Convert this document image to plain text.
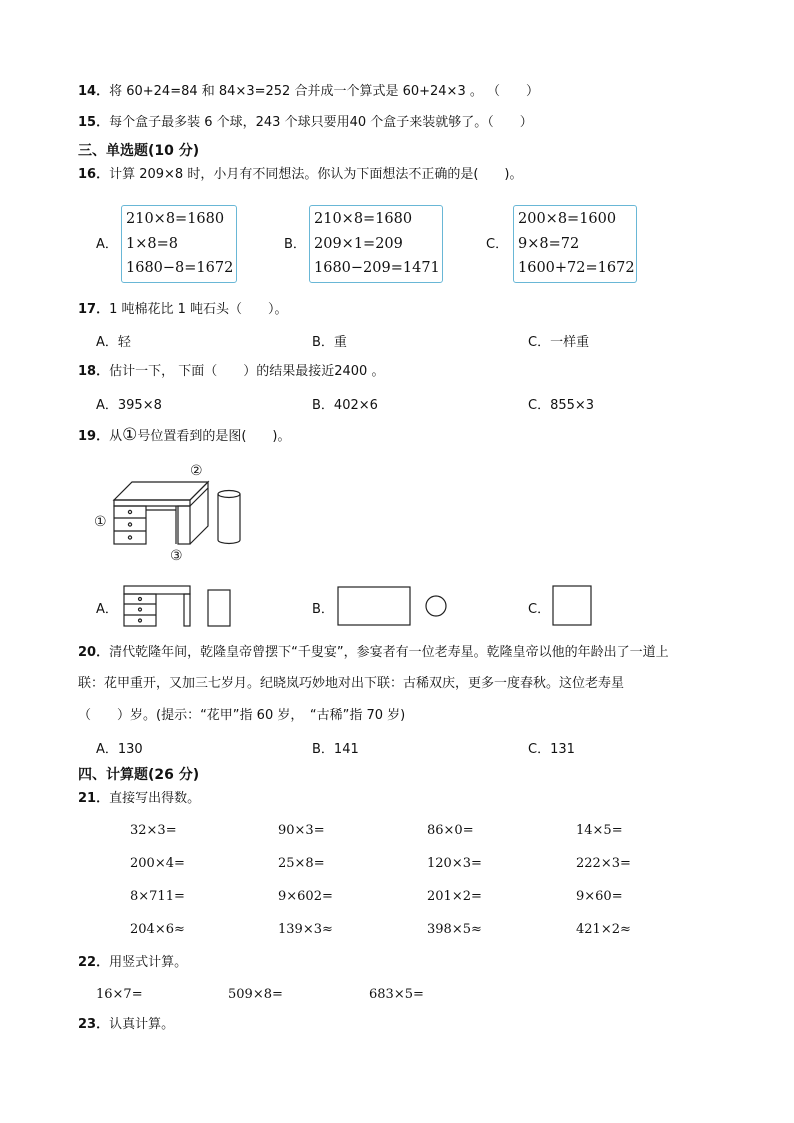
14．将 60+24=84 和 84×3=252 合并成一个算式是 60+24×3 。 （　　）
15．每个盒子最多装 6 个球，243 个球只要用40 个盒子来装就够了。（　　）
三、单选题(10 分)
16．计算 209×8 时，小月有不同想法。你认为下面想法不正确的是(　　)。
A．
210×8=1680
1×8=8
1680−8=1672
B．
210×8=1680
209×1=209
1680−209=1471
C．
200×8=1600
9×8=72
1600+72=1672
17．1 吨棉花比 1 吨石头（　　）。
A．轻	B．重	C．一样重
18．估计一下， 下面（　　）的结果最接近2400 。
A．395×8	B．402×6	C．855×3
19．从①号位置看到的是图(　　)。
①
②
③
A．	B．	C．
20．清代乾隆年间，乾隆皇帝曾摆下“千叟宴”，参宴者有一位老寿星。乾隆皇帝以他的年龄出了一道上
联：花甲重开，又加三七岁月。纪晓岚巧妙地对出下联：古稀双庆，更多一度春秋。这位老寿星
（　　）岁。(提示：“花甲”指 60 岁，　“古稀”指 70 岁)
A．130	B．141	C．131
四、计算题(26 分)
21．直接写出得数。
32×3=	90×3=	86×0=	14×5=
200×4=	25×8=	120×3=	222×3=
8×711=	9×602=	201×2=	9×60=
204×6≈	139×3≈	398×5≈	421×2≈
22．用竖式计算。
16×7=	509×8=	683×5=
23．认真计算。
